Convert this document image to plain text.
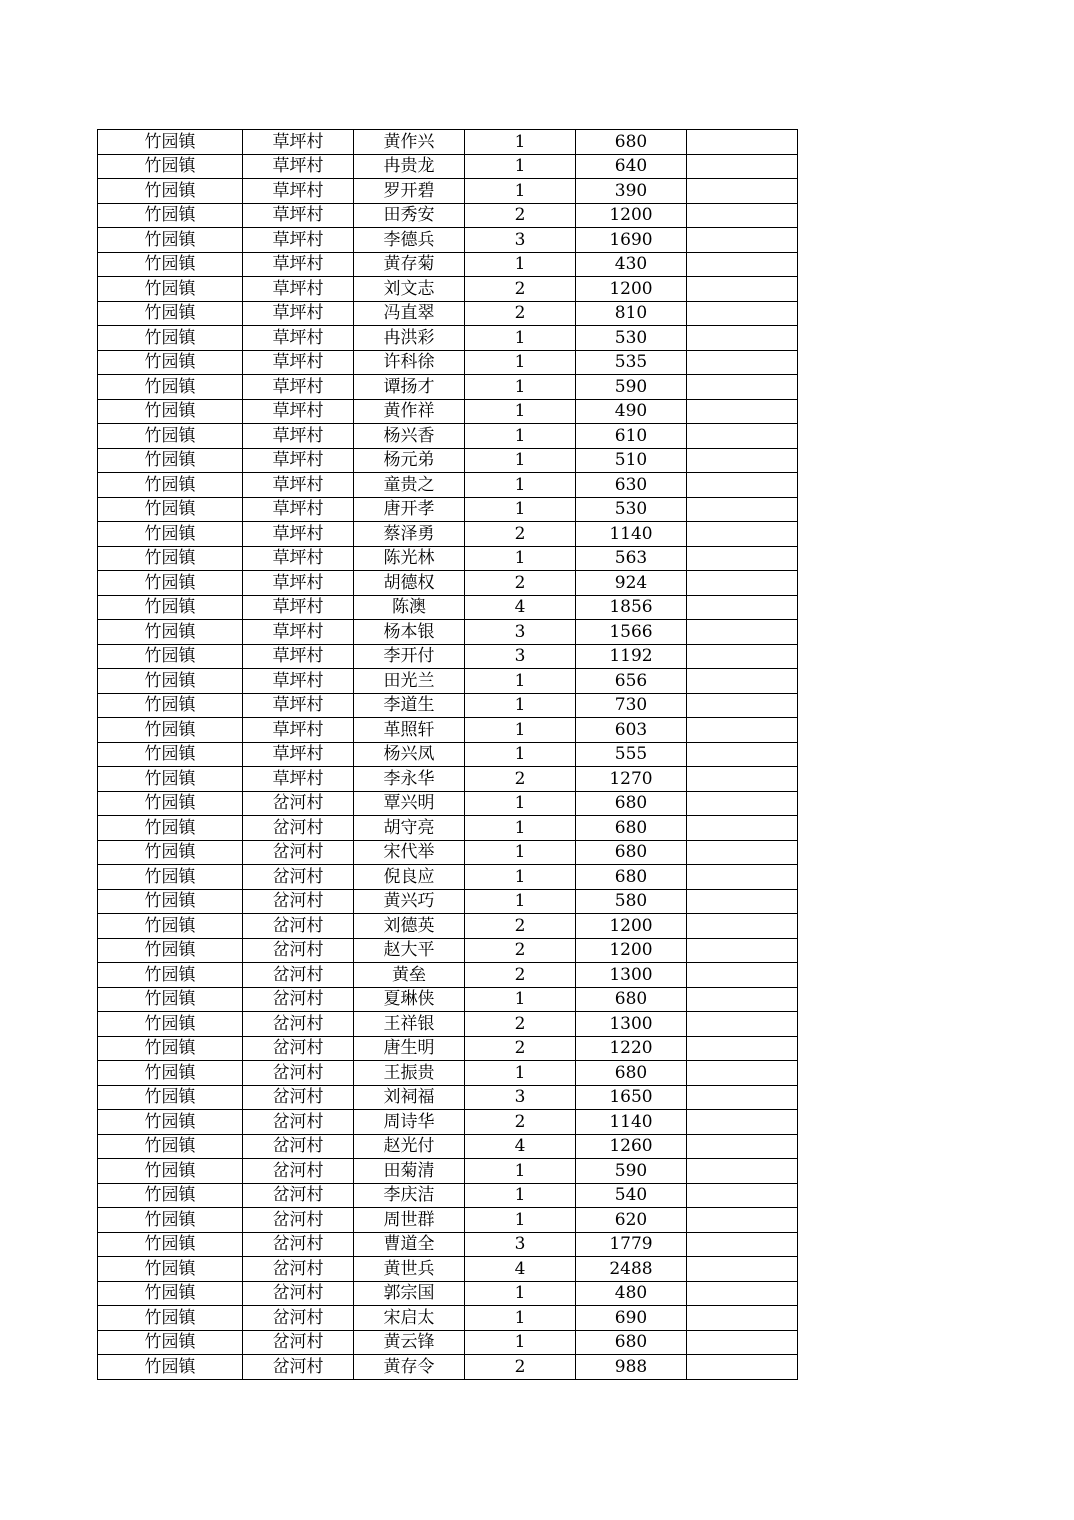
竹园镇	草坪村	黄作兴	1	680	
竹园镇	草坪村	冉贵龙	1	640	
竹园镇	草坪村	罗开碧	1	390	
竹园镇	草坪村	田秀安	2	1200	
竹园镇	草坪村	李德兵	3	1690	
竹园镇	草坪村	黄存菊	1	430	
竹园镇	草坪村	刘文志	2	1200	
竹园镇	草坪村	冯直翠	2	810	
竹园镇	草坪村	冉洪彩	1	530	
竹园镇	草坪村	许科徐	1	535	
竹园镇	草坪村	谭扬才	1	590	
竹园镇	草坪村	黄作祥	1	490	
竹园镇	草坪村	杨兴香	1	610	
竹园镇	草坪村	杨元弟	1	510	
竹园镇	草坪村	童贵之	1	630	
竹园镇	草坪村	唐开孝	1	530	
竹园镇	草坪村	蔡泽勇	2	1140	
竹园镇	草坪村	陈光林	1	563	
竹园镇	草坪村	胡德权	2	924	
竹园镇	草坪村	陈澳	4	1856	
竹园镇	草坪村	杨本银	3	1566	
竹园镇	草坪村	李开付	3	1192	
竹园镇	草坪村	田光兰	1	656	
竹园镇	草坪村	李道生	1	730	
竹园镇	草坪村	革照轩	1	603	
竹园镇	草坪村	杨兴凤	1	555	
竹园镇	草坪村	李永华	2	1270	
竹园镇	岔河村	覃兴明	1	680	
竹园镇	岔河村	胡守亮	1	680	
竹园镇	岔河村	宋代举	1	680	
竹园镇	岔河村	倪良应	1	680	
竹园镇	岔河村	黄兴巧	1	580	
竹园镇	岔河村	刘德英	2	1200	
竹园镇	岔河村	赵大平	2	1200	
竹园镇	岔河村	黄垒	2	1300	
竹园镇	岔河村	夏琳侠	1	680	
竹园镇	岔河村	王祥银	2	1300	
竹园镇	岔河村	唐生明	2	1220	
竹园镇	岔河村	王振贵	1	680	
竹园镇	岔河村	刘祠福	3	1650	
竹园镇	岔河村	周诗华	2	1140	
竹园镇	岔河村	赵光付	4	1260	
竹园镇	岔河村	田菊清	1	590	
竹园镇	岔河村	李庆洁	1	540	
竹园镇	岔河村	周世群	1	620	
竹园镇	岔河村	曹道全	3	1779	
竹园镇	岔河村	黄世兵	4	2488	
竹园镇	岔河村	郭宗国	1	480	
竹园镇	岔河村	宋启太	1	690	
竹园镇	岔河村	黄云锋	1	680	
竹园镇	岔河村	黄存令	2	988	
